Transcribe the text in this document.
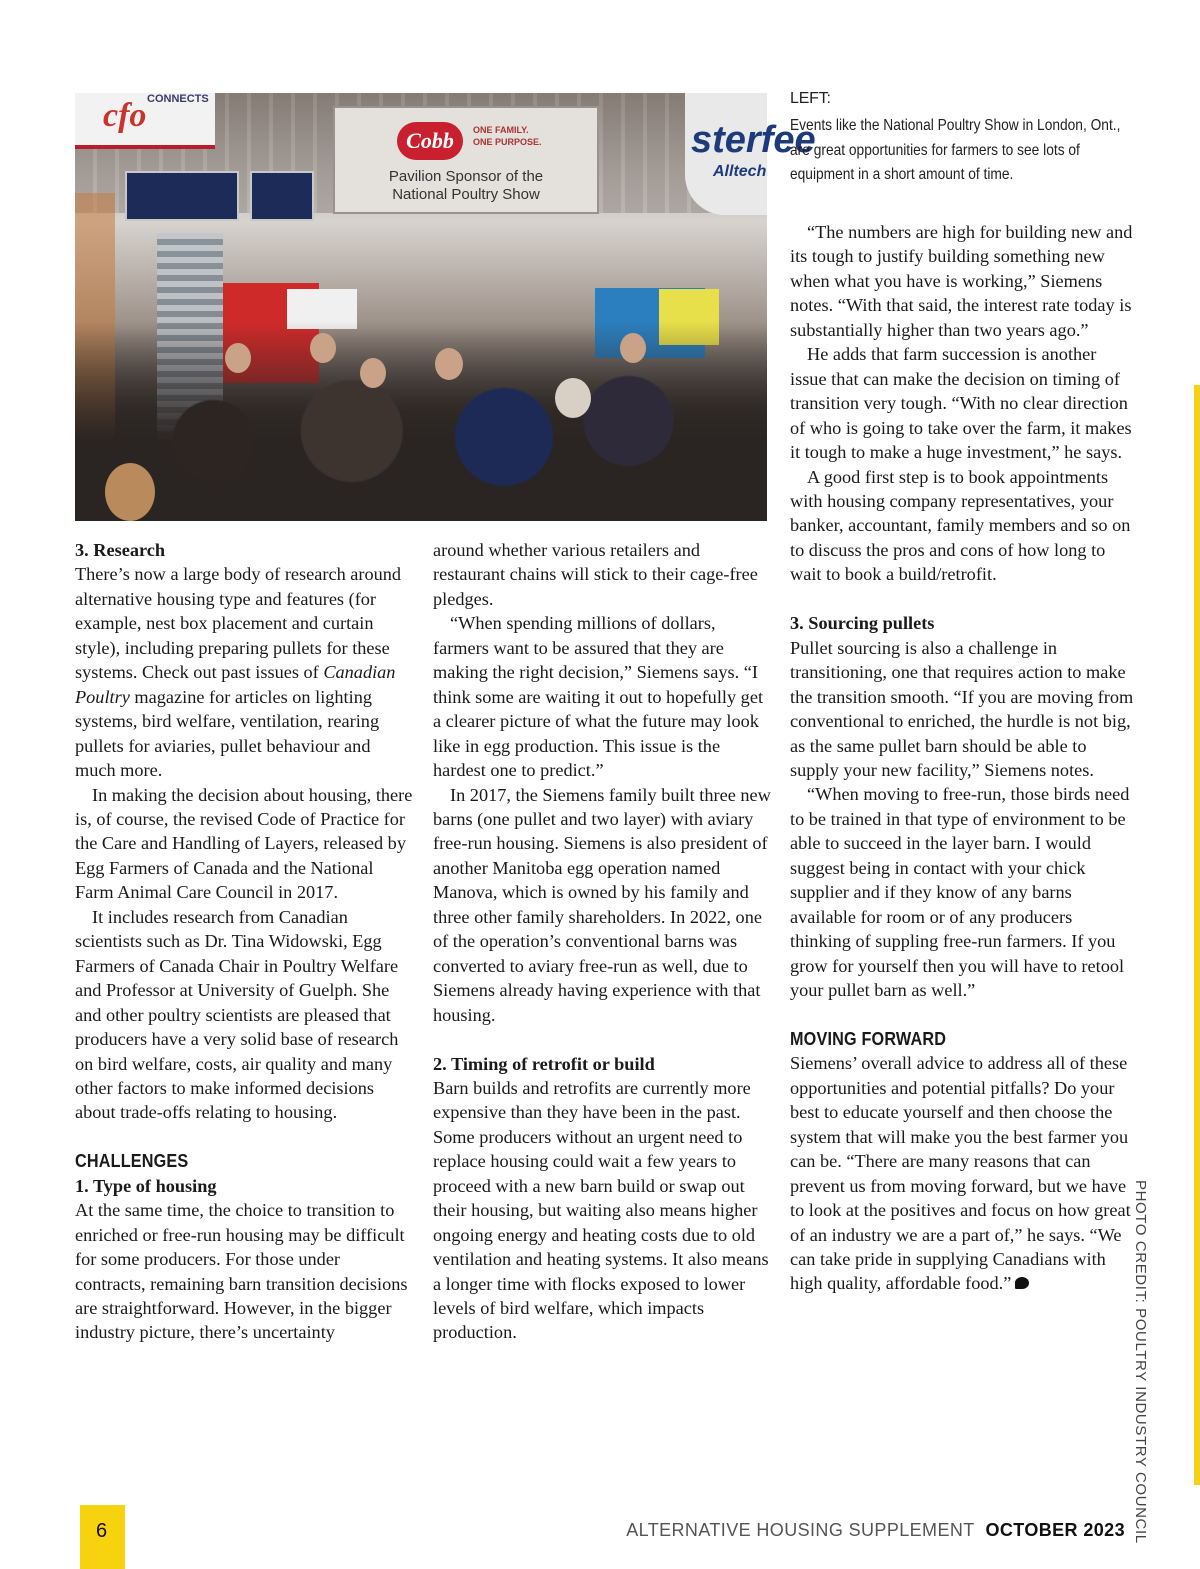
cfo CONNECTS
Cobb	ONE FAMILY.
ONE PURPOSE.
Pavilion Sponsor of the
National Poultry Show
sterfee
Alltech
LEFT:
Events like the National Poultry Show in London, Ont., are great opportunities for farmers to see lots of equipment in a short amount of time.
3. Research

There’s now a large body of research around alternative housing type and features (for example, nest box placement and curtain style), including preparing pullets for these systems. Check out past issues of Canadian Poultry magazine for articles on lighting systems, bird welfare, ventilation, rearing pullets for aviaries, pullet behaviour and much more.

In making the decision about housing, there is, of course, the revised Code of Practice for the Care and Handling of Layers, released by Egg Farmers of Canada and the National Farm Animal Care Council in 2017.

It includes research from Canadian scientists such as Dr. Tina Widowski, Egg Farmers of Canada Chair in Poultry Welfare and Professor at University of Guelph. She and other poultry scientists are pleased that producers have a very solid base of research on bird welfare, costs, air quality and many other factors to make informed decisions about trade-offs relating to housing.

CHALLENGES
1. Type of housing

At the same time, the choice to transition to enriched or free-run housing may be difficult for some producers. For those under contracts, remaining barn transition decisions are straightforward. However, in the bigger industry picture, there’s uncertainty

around whether various retailers and restaurant chains will stick to their cage-free pledges.

“When spending millions of dollars, farmers want to be assured that they are making the right decision,” Siemens says. “I think some are waiting it out to hopefully get a clearer picture of what the future may look like in egg production. This issue is the hardest one to predict.”

In 2017, the Siemens family built three new barns (one pullet and two layer) with aviary free-run housing. Siemens is also president of another Manitoba egg operation named Manova, which is owned by his family and three other family shareholders. In 2022, one of the operation’s conventional barns was converted to aviary free-run as well, due to Siemens already having experience with that housing.

2. Timing of retrofit or build

Barn builds and retrofits are currently more expensive than they have been in the past. Some producers without an urgent need to replace housing could wait a few years to proceed with a new barn build or swap out their housing, but waiting also means higher ongoing energy and heating costs due to old ventilation and heating systems. It also means a longer time with flocks exposed to lower levels of bird welfare, which impacts production.

“The numbers are high for building new and its tough to justify building something new when what you have is working,” Siemens notes. “With that said, the interest rate today is substantially higher than two years ago.”

He adds that farm succession is another issue that can make the decision on timing of transition very tough. “With no clear direction of who is going to take over the farm, it makes it tough to make a huge investment,” he says.

A good first step is to book appointments with housing company representatives, your banker, accountant, family members and so on to discuss the pros and cons of how long to wait to book a build/retrofit.

3. Sourcing pullets

Pullet sourcing is also a challenge in transitioning, one that requires action to make the transition smooth. “If you are moving from conventional to enriched, the hurdle is not big, as the same pullet barn should be able to supply your new facility,” Siemens notes.

“When moving to free-run, those birds need to be trained in that type of environment to be able to succeed in the layer barn. I would suggest being in contact with your chick supplier and if they know of any barns available for room or of any producers thinking of suppling free-run farmers. If you grow for yourself then you will have to retool your pullet barn as well.”

MOVING FORWARD

Siemens’ overall advice to address all of these opportunities and potential pitfalls? Do your best to educate yourself and then choose the system that will make you the best farmer you can be. “There are many reasons that can prevent us from moving forward, but we have to look at the positives and focus on how great of an industry we are a part of,” he says. “We can take pride in supplying Canadians with high quality, affordable food.”	PHOTO CREDIT: POULTRY INDUSTRY COUNCIL
6	ALTERNATIVE HOUSING SUPPLEMENT OCTOBER 2023
